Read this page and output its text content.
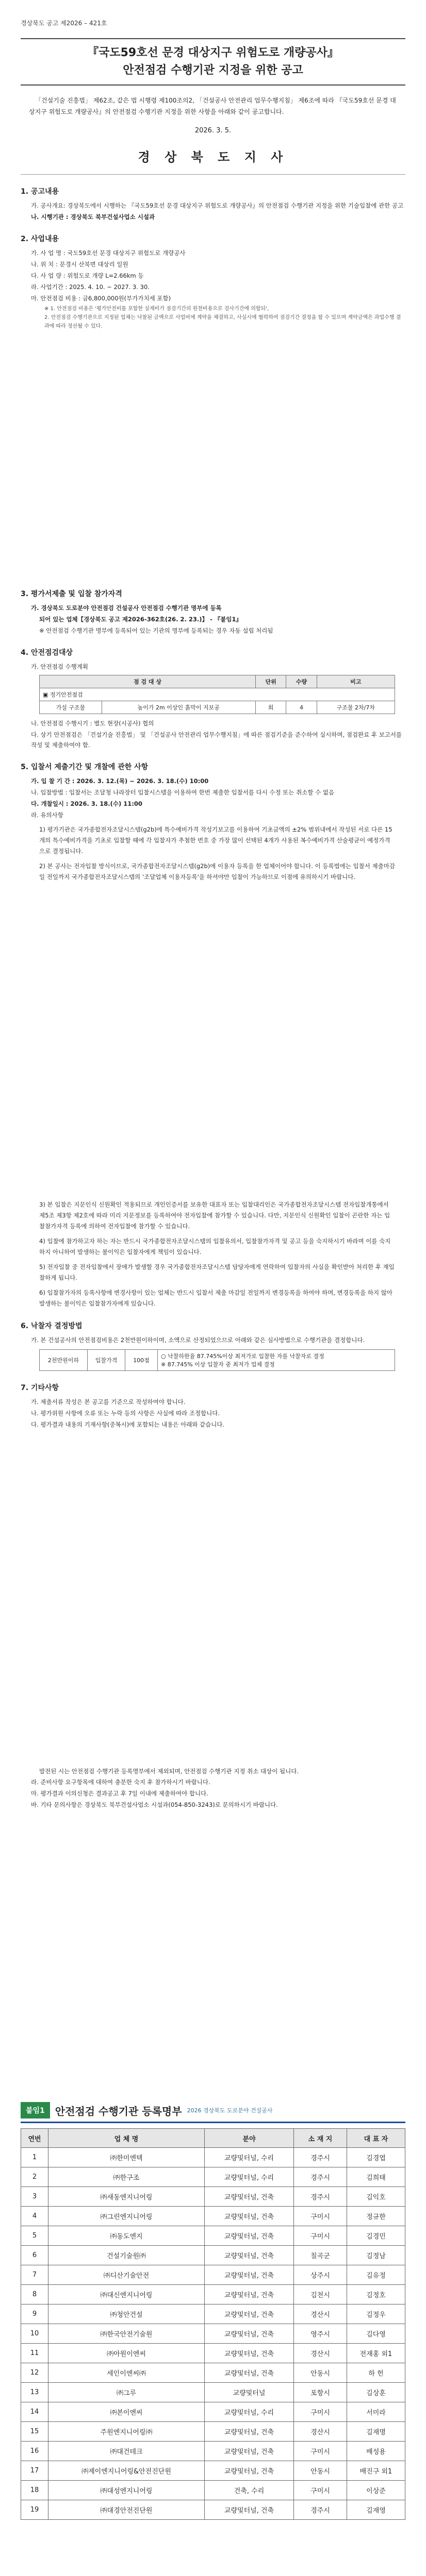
경상북도 공고 제2026 – 421호
『국도59호선 문경 대상지구 위험도로 개량공사』
안전점검 수행기관 지정을 위한 공고
「건설기술 진흥법」 제62조, 같은 법 시행령 제100조의2, 「건설공사 안전관리 업무수행지침」 제6조에 따라 『국도59호선 문경 대상지구 위험도로 개량공사』의 안전점검 수행기관 지정을 위한 사항을 아래와 같이 공고합니다.
2026. 3. 5.
경 상 북 도 지 사
1. 공고내용
가. 공사개요: 경상북도에서 시행하는 『국도59호선 문경 대상지구 위험도로 개량공사』의 안전점검 수행기관 지정을 위한 기술입찰에 관한 공고
나. 시행기관 : 경상북도 북부건설사업소 시설과
2. 사업내용
가. 사 업 명 : 국도59호선 문경 대상지구 위험도로 개량공사
나. 위 치 : 문경시 산북면 대상리 일원
다. 사 업 량 : 위험도로 개량 L=2.66km 등
라. 사업기간 : 2025. 4. 10. ~ 2027. 3. 30.
마. 안전점검 비용 : 금6,800,000원(부가가치세 포함)
※ 1. 안전점검 비용은 '평가안전비를 포함한 실제비가 점검기간의 원천비용으로 검사기간에 의함되',
2. 안전점검 수행기관으로 지정된 업체는 낙찰된 금액으로 사업비에 계약을 체결하고, 사실시에 협력하여 점검기간 결정을 할 수 있으며 계약금액은 과업수행 결과에 따라 정산될 수 있다.
3. 평가서제출 및 입찰 참가자격
가. 경상북도 도로분야 안전점검 건설공사 안전점검 수행기관 명부에 등록
되어 있는 업체【경상북도 공고 제2026-362호(26. 2. 23.)】 - 『붙임1』
※ 안전점검 수행기관 명부에 등록되어 있는 기관의 명부에 등록되는 경우 자동 설립 처리됨
4. 안전점검대상
가. 안전점검 수행계획
점 검 대 상		단위	수량	비고
▣ 정기안전점검				
가설 구조물	높이가 2m 이상인 흙막이 지보공	회	4	구조물 2차/7차
나. 안전점검 수행시기 : 별도 현장(시공사) 협의
다. 상기 안전점검은 「건설기술 진흥법」 및 「건설공사 안전관리 업무수행지침」에 따른 점검기준을 준수하여 실시하며, 점검완료 후 보고서를 작성 및 제출하여야 함.
5. 입찰서 제출기간 및 개찰에 관한 사항
가. 입 찰 기 간 : 2026. 3. 12.(목) ~ 2026. 3. 18.(수) 10:00
나. 입찰방법 : 입찰서는 조달청 나라장터 입찰시스템을 이용하여 한번 제출한 입찰서를 다시 수정 또는 취소할 수 없음
다. 개찰일시 : 2026. 3. 18.(수) 11:00
라. 유의사항
1) 평가기관은 국가종합전자조달시스템(g2b)에 특수예비가격 작성기보고를 이용하여 기초금액의 ±2% 범위내에서 작성된 서로 다른 15개의 특수예비가격을 기초로 입찰할 때에 각 입찰자가 추첨한 번호 중 가장 많이 선택된 4개가 사용된 복수예비가격 산술평균이 예정가격으로 결정됩니다.
2) 본 공사는 전자입찰 방식이므로, 국가종합전자조달시스템(g2b)에 이용자 등록을 한 업체이어야 합니다. 이 등록법에는 입찰서 제출마감일 전일까지 국가종합전자조달시스템의 '조달업체 이용자등록'을 하셔야만 입찰이 가능하므로 이점에 유의하시기 바랍니다.
3) 본 입찰은 지문인식 신원확인 적용되므로 개인인증서를 보유한 대표자 또는 입찰대리인은 국가종합전자조달시스템 전자입찰개통에서 제5조 제3항 제2호에 따라 미리 지문정보를 등록하여야 전자입찰에 참가할 수 있습니다. 다만, 지문인식 신원확인 입찰이 곤란한 자는 입찰참가자격 등록에 의하여 전자입찰에 참가할 수 있습니다.
4) 입찰에 참가하고자 하는 자는 반드시 국가종합전자조달시스템의 입찰유의서, 입찰참가자격 및 공고 등을 숙지하시기 바라며 이를 숙지하지 아니하여 발생하는 불이익은 입찰자에게 책임이 있습니다.
5) 전자입찰 중 전자입찰에서 장애가 발생할 경우 국가종합전자조달시스템 담당자에게 연락하여 입찰자의 사실을 확인받아 처리한 후 재입찰하게 됩니다.
6) 입찰참가자의 등록사항에 변경사항이 있는 업체는 반드시 입찰서 제출 마감일 전일까지 변경등록을 하여야 하며, 변경등록을 하지 않아 발생하는 불이익은 입찰참가자에게 있습니다.
6. 낙찰자 결정방법
가. 본 건설공사의 안전점검비용은 2천만원이하이며, 소액으로 산정되었으므로 아래와 같은 심사방법으로 수행기관을 결정합니다.
2천만원이하	입찰가격	100점	○ 낙찰하한율 87.745%이상 최저가로 입찰한 자를 낙찰자로 결정
※ 87.745% 이상 입찰자 중 최저가 업체 결정
7. 기타사항
가. 제출서류 작성은 본 공고를 기준으로 작성하여야 합니다.
나. 평가위원 사항에 오류 또는 누락 등의 사항은 사실에 따라 조정합니다.
다. 평가결과 내용의 기재사항(중복시)에 포함되는 내용은 아래와 같습니다.
발전된 시는 안전점검 수행기관 등록명부에서 제외되며, 안전점검 수행기관 지정 취소 대상이 됩니다.
라. 준비사항 요구항목에 대하여 충분한 숙지 후 참가하시기 바랍니다.
마. 평가결과 이의신청은 결과공고 후 7일 이내에 제출하여야 합니다.
바. 기타 문의사항은 경상북도 북부건설사업소 시설과(054-850-3243)로 문의하시기 바랍니다.
붙임1	안전점검 수행기관 등록명부 2026 경상북도 도로분야 건설공사
연번	업 체 명	분야	소 재 지	대 표 자
1	㈜한미엔텍	교량및터널, 수리	경주시	김경엽
2	㈜한구조	교량및터널, 수리	경주시	김희태
3	㈜새동엔지니어링	교량및터널, 건축	경주시	김익호
4	㈜그린엔지니어링	교량및터널, 건축	구미시	정규한
5	㈜동도엔지	교량및터널, 건축	구미시	김경민
6	건설기술원㈜	교량및터널, 건축	칠곡군	김정남
7	㈜디산기술안전	교량및터널, 건축	상주시	김유정
8	㈜대신엔지니어링	교량및터널, 건축	김천시	김정호
9	㈜청안건설	교량및터널, 건축	경산시	김정우
10	㈜한국안전기술원	교량및터널, 건축	영주시	김다영
11	㈜아원이엔씨	교량및터널, 건축	경산시	전재홍 외1
12	세인이엔씨㈜	교량및터널, 건축	안동시	하 헌
13	㈜그루	교량및터널	포항시	김상훈
14	㈜본이엔씨	교량및터널, 수리	구미시	서미라
15	주원엔지니어링㈜	교량및터널, 건축	경산시	김재명
16	㈜대건테크	교량및터널, 건축	구미시	배성용
17	㈜제이엔지니어링&안전진단원	교량및터널, 건축	안동시	배진구 외1
18	㈜대성엔지니어링	건축, 수리	구미시	이상준
19	㈜대경안전진단원	교량및터널, 건축	경주시	김재영
